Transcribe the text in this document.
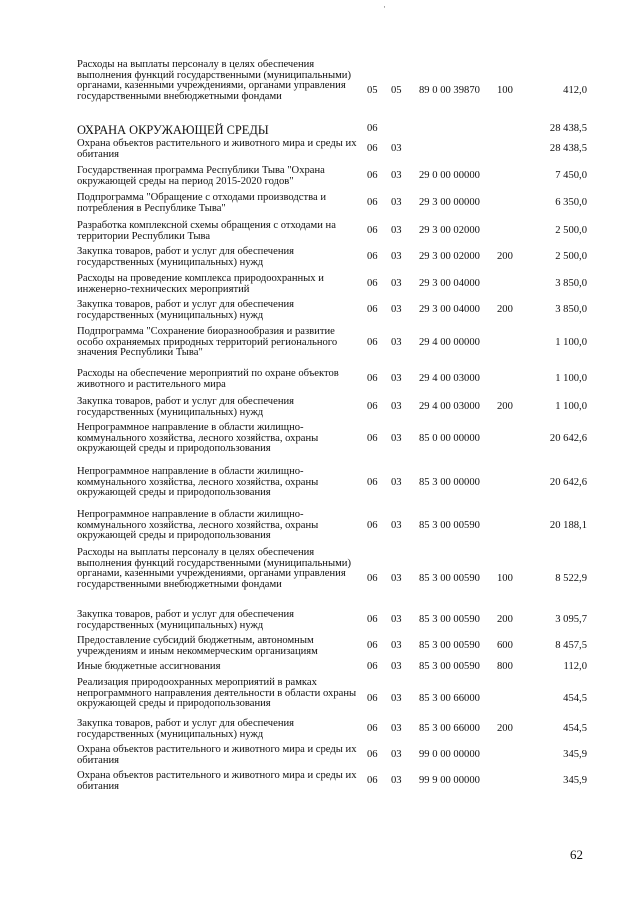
·
Расходы на выплаты персоналу в целях обеспечения выполнения функций государственными (муниципальными) органами, казенными учреждениями, органами управления государственными внебюджетными фондами
05 05 89 0 00 39870 100	412,0
ОХРАНА ОКРУЖАЮЩЕЙ СРЕДЫ	06	28 438,5
Охрана объектов растительного и животного мира и среды их обитания
06 03	28 438,5
Государственная программа Республики Тыва "Охрана окружающей среды на период 2015-2020 годов"
06 03 29 0 00 00000	7 450,0
Подпрограмма "Обращение с отходами производства и потребления в Республике Тыва"
06 03 29 3 00 00000	6 350,0
Разработка комплексной схемы обращения с отходами на территории Республики Тыва
06 03 29 3 00 02000	2 500,0
Закупка товаров, работ и услуг для обеспечения государственных (муниципальных) нужд
06 03 29 3 00 02000 200	2 500,0
Расходы на проведение комплекса природоохранных и инженерно-технических мероприятий
06 03 29 3 00 04000	3 850,0
Закупка товаров, работ и услуг для обеспечения государственных (муниципальных) нужд
06 03 29 3 00 04000 200	3 850,0
Подпрограмма "Сохранение биоразнообразия и развитие особо охраняемых природных территорий регионального значения Республики Тыва"
06 03 29 4 00 00000	1 100,0
Расходы на обеспечение мероприятий по охране объектов животного и растительного мира
06 03 29 4 00 03000	1 100,0
Закупка товаров, работ и услуг для обеспечения государственных (муниципальных) нужд
06 03 29 4 00 03000 200	1 100,0
Непрограммное направление в области жилищно-коммунального хозяйства, лесного хозяйства, охраны окружающей среды и природопользования
06 03 85 0 00 00000	20 642,6
Непрограммное направление в области жилищно-коммунального хозяйства, лесного хозяйства, охраны окружающей среды и природопользования
06 03 85 3 00 00000	20 642,6
Непрограммное направление в области жилищно-коммунального хозяйства, лесного хозяйства, охраны окружающей среды и природопользования
06 03 85 3 00 00590	20 188,1
Расходы на выплаты персоналу в целях обеспечения выполнения функций государственными (муниципальными) органами, казенными учреждениями, органами управления государственными внебюджетными фондами
06 03 85 3 00 00590 100	8 522,9
Закупка товаров, работ и услуг для обеспечения государственных (муниципальных) нужд
06 03 85 3 00 00590 200	3 095,7
Предоставление субсидий бюджетным, автономным учреждениям и иным некоммерческим организациям
06 03 85 3 00 00590 600	8 457,5
Иные бюджетные ассигнования	06 03 85 3 00 00590 800	112,0
Реализация природоохранных мероприятий в рамках непрограммного направления деятельности в области охраны окружающей среды и природопользования	06 03 85 3 00 66000	454,5
Закупка товаров, работ и услуг для обеспечения государственных (муниципальных) нужд
06 03 85 3 00 66000 200	454,5
Охрана объектов растительного и животного мира и среды их обитания
06 03 99 0 00 00000	345,9
Охрана объектов растительного и животного мира и среды их обитания
06 03 99 9 00 00000	345,9
62
